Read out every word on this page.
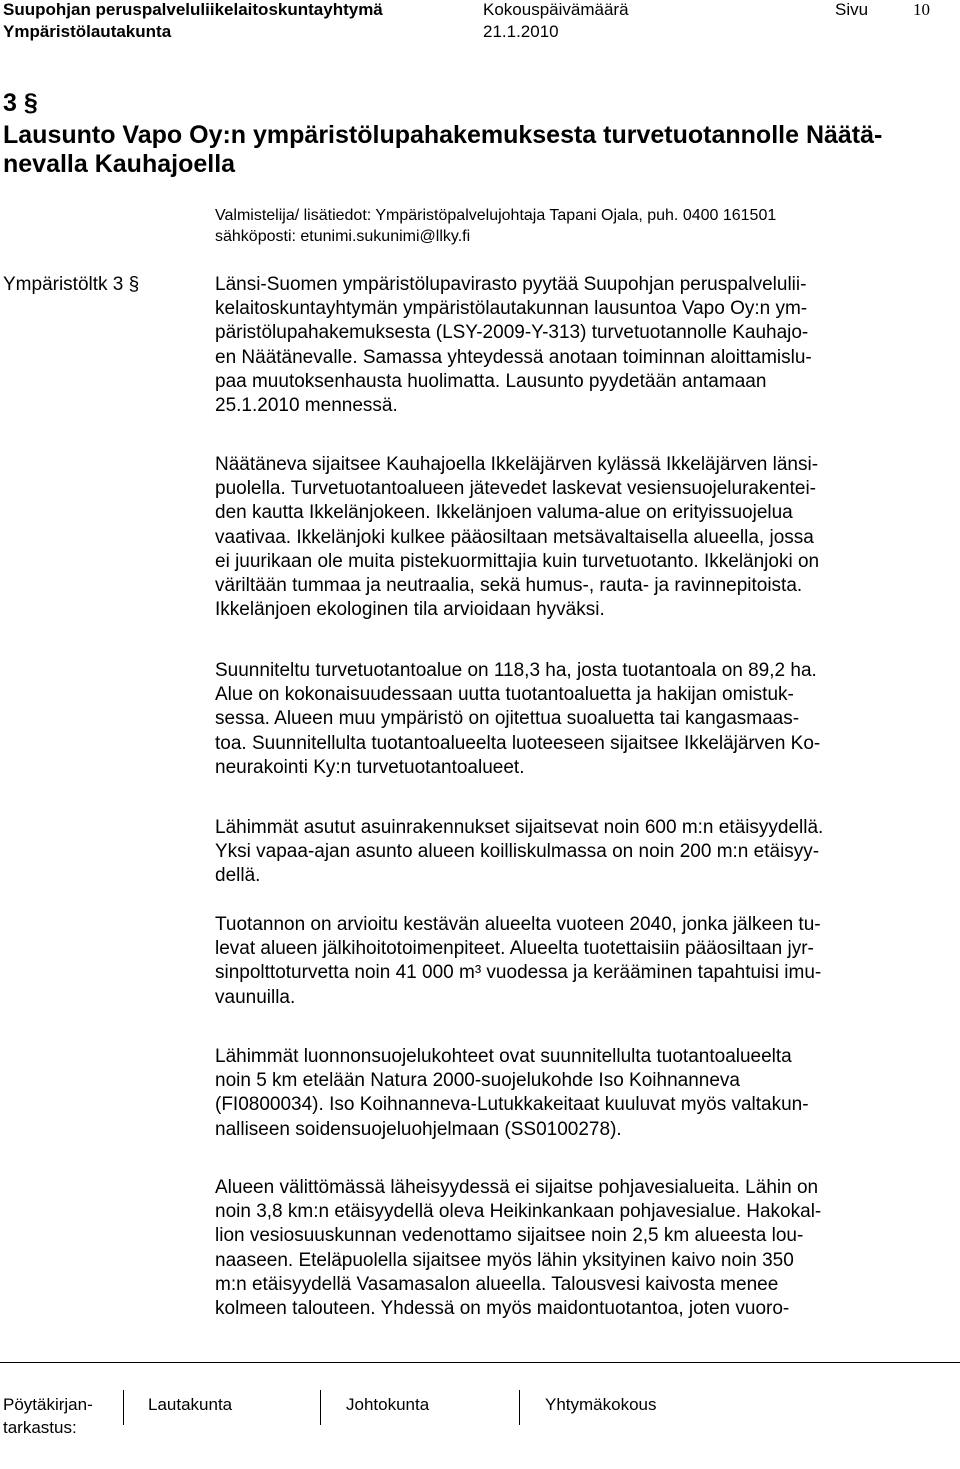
Suupohjan peruspalveluliikelaitoskuntayhtymä	Kokouspäivämäärä	Sivu	10
Ympäristölautakunta	21.1.2010
3 §
Lausunto Vapo Oy:n ympäristölupahakemuksesta turvetuotannolle Näätä-
nevalla Kauhajoella
Valmistelija/ lisätiedot: Ympäristöpalvelujohtaja Tapani Ojala, puh. 0400 161501
sähköposti: etunimi.sukunimi@llky.fi
Ympäristöltk 3 §	Länsi-Suomen ympäristölupavirasto pyytää Suupohjan peruspalvelulii-
kelaitoskuntayhtymän ympäristölautakunnan lausuntoa Vapo Oy:n ym-
päristölupahakemuksesta (LSY-2009-Y-313) turvetuotannolle Kauhajo-
en Näätänevalle. Samassa yhteydessä anotaan toiminnan aloittamislu-
paa muutoksenhausta huolimatta. Lausunto pyydetään antamaan
25.1.2010 mennessä.
Näätäneva sijaitsee Kauhajoella Ikkeläjärven kylässä Ikkeläjärven länsi-
puolella. Turvetuotantoalueen jätevedet laskevat vesiensuojelurakentei-
den kautta Ikkelänjokeen. Ikkelänjoen valuma-alue on erityissuojelua
vaativaa. Ikkelänjoki kulkee pääosiltaan metsävaltaisella alueella, jossa
ei juurikaan ole muita pistekuormittajia kuin turvetuotanto. Ikkelänjoki on
väriltään tummaa ja neutraalia, sekä humus-, rauta- ja ravinnepitoista.
Ikkelänjoen ekologinen tila arvioidaan hyväksi.
Suunniteltu turvetuotantoalue on 118,3 ha, josta tuotantoala on 89,2 ha.
Alue on kokonaisuudessaan uutta tuotantoaluetta ja hakijan omistuk-
sessa. Alueen muu ympäristö on ojitettua suoaluetta tai kangasmaas-
toa. Suunnitellulta tuotantoalueelta luoteeseen sijaitsee Ikkeläjärven Ko-
neurakointi Ky:n turvetuotantoalueet.
Lähimmät asutut asuinrakennukset sijaitsevat noin 600 m:n etäisyydellä.
Yksi vapaa-ajan asunto alueen koilliskulmassa on noin 200 m:n etäisyy-
dellä.
Tuotannon on arvioitu kestävän alueelta vuoteen 2040, jonka jälkeen tu-
levat alueen jälkihoitotoimenpiteet. Alueelta tuotettaisiin pääosiltaan jyr-
sinpolttoturvetta noin 41 000 m³ vuodessa ja kerääminen tapahtuisi imu-
vaunuilla.
Lähimmät luonnonsuojelukohteet ovat suunnitellulta tuotantoalueelta
noin 5 km etelään Natura 2000-suojelukohde Iso Koihnanneva
(FI0800034). Iso Koihnanneva-Lutukkakeitaat kuuluvat myös valtakun-
nalliseen soidensuojeluohjelmaan (SS0100278).
Alueen välittömässä läheisyydessä ei sijaitse pohjavesialueita. Lähin on
noin 3,8 km:n etäisyydellä oleva Heikinkankaan pohjavesialue. Hakokal-
lion vesiosuuskunnan vedenottamo sijaitsee noin 2,5 km alueesta lou-
naaseen. Eteläpuolella sijaitsee myös lähin yksityinen kaivo noin 350
m:n etäisyydellä Vasamasalon alueella. Talousvesi kaivosta menee
kolmeen talouteen. Yhdessä on myös maidontuotantoa, joten vuoro-
Pöytäkirjan-
tarkastus:
Lautakunta	Johtokunta	Yhtymäkokous
